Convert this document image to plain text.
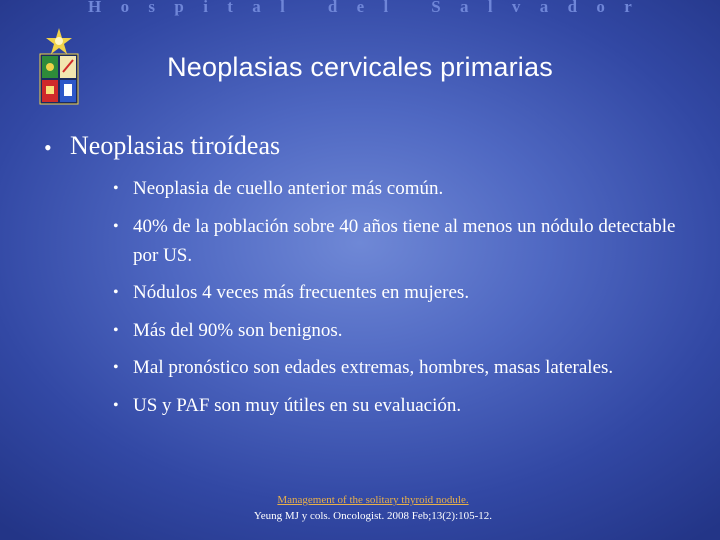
H o s p i t a l
	d e l
	S a l v a d o r
Neoplasias cervicales primarias
• Neoplasias tiroídeas
• Neoplasia de cuello anterior más común.
• 40% de la población sobre 40 años tiene al menos un nódulo detectable por US.
• Nódulos 4 veces más frecuentes en mujeres.
• Más del 90% son benignos.
• Mal pronóstico son edades extremas, hombres, masas laterales.
• US y PAF son muy útiles en su evaluación.
Management of the solitary thyroid nodule.
Yeung MJ y cols. Oncologist. 2008 Feb;13(2):105-12.
